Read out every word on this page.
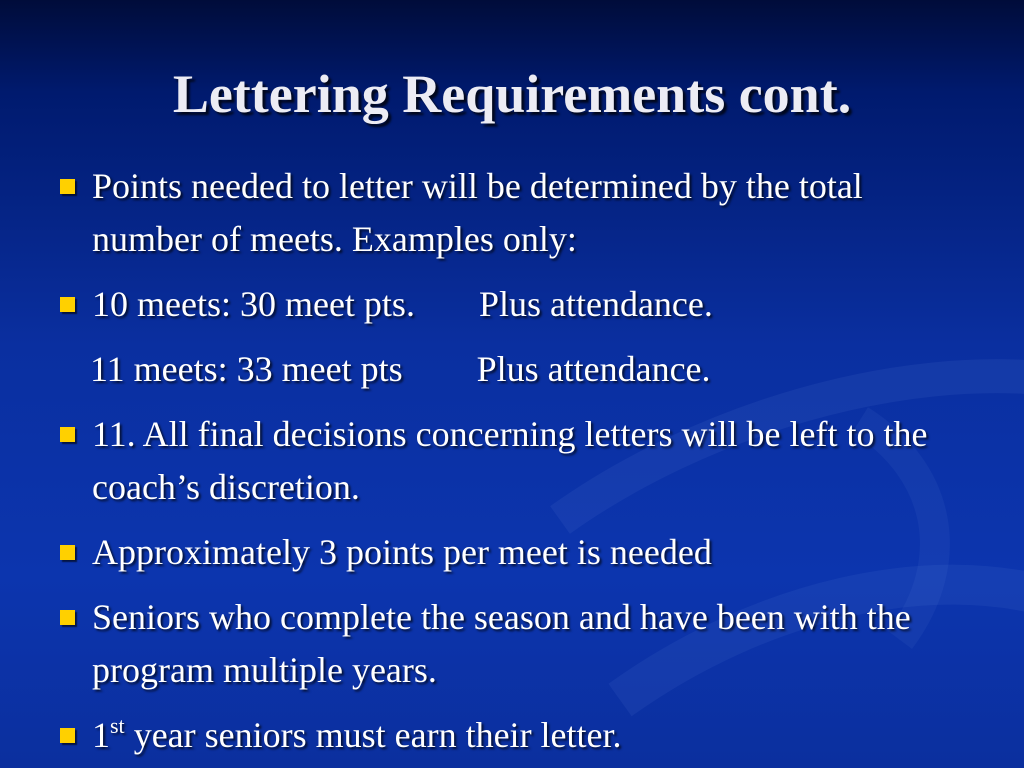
Lettering Requirements cont.
Points needed to letter will be determined by the total number of meets. Examples only:
10 meets: 30 meet pts. Plus attendance.
11 meets: 33 meet pts Plus attendance.
11. All final decisions concerning letters will be left to the coach’s discretion.
Approximately 3 points per meet is needed
Seniors who complete the season and have been with the program multiple years.
1st year seniors must earn their letter.
